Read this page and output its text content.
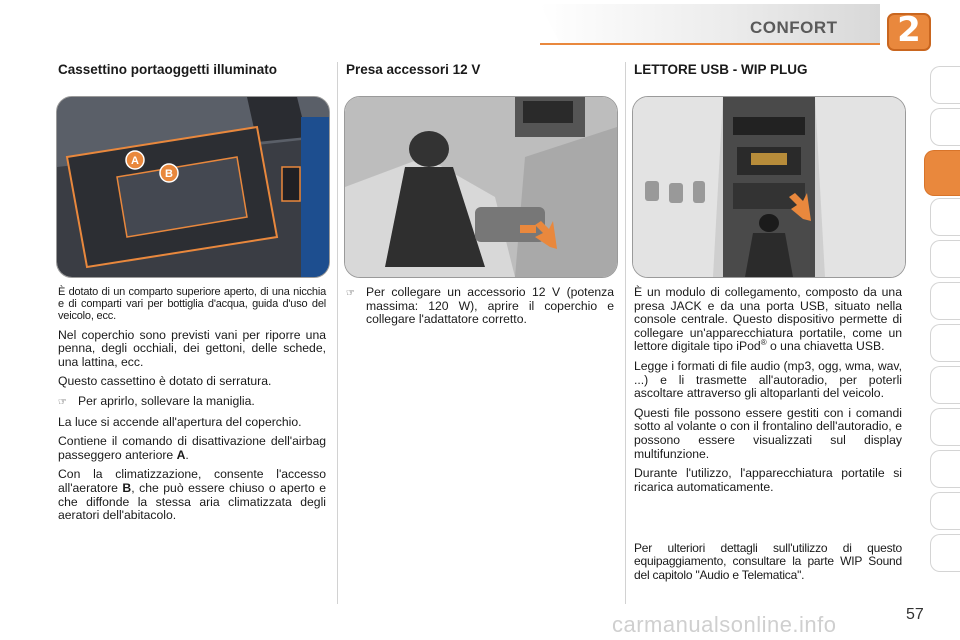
CONFORT	2
Cassettino portaoggetti illuminato
A
B

È dotato di un comparto superiore aperto, di una nicchia e di comparti vari per bottiglia d'acqua, guida d'uso del veicolo, ecc.

Nel coperchio sono previsti vani per riporre una penna, degli occhiali, dei gettoni, delle schede, una lattina, ecc.

Questo cassettino è dotato di serratura.

☞ Per aprirlo, sollevare la maniglia.

La luce si accende all'apertura del coperchio.

Contiene il comando di disattivazione dell'airbag passeggero anteriore A.

Con la climatizzazione, consente l'accesso all'aeratore B, che può essere chiuso o aperto e che diffonde la stessa aria climatizzata degli aeratori dell'abitacolo.

Presa accessori 12 V
☞ Per collegare un accessorio 12 V (potenza massima: 120 W), aprire il coperchio e collegare l'adattatore corretto.
LETTORE USB - WIP PLUG

È un modulo di collegamento, composto da una presa JACK e da una porta USB, situato nella console centrale. Questo dispositivo permette di collegare un'apparecchiatura portatile, come un lettore digitale tipo iPod® o una chiavetta USB.

Legge i formati di file audio (mp3, ogg, wma, wav, ...) e li trasmette all'autoradio, per poterli ascoltare attraverso gli altoparlanti del veicolo.

Questi file possono essere gestiti con i comandi sotto al volante o con il frontalino dell'autoradio, e possono essere visualizzati sul display multifunzione.

Durante l'utilizzo, l'apparecchiatura portatile si ricarica automaticamente.

Per ulteriori dettagli sull'utilizzo di questo equipaggiamento, consultare la parte WIP Sound del capitolo "Audio e Telematica".
57
carmanualsonline.info
